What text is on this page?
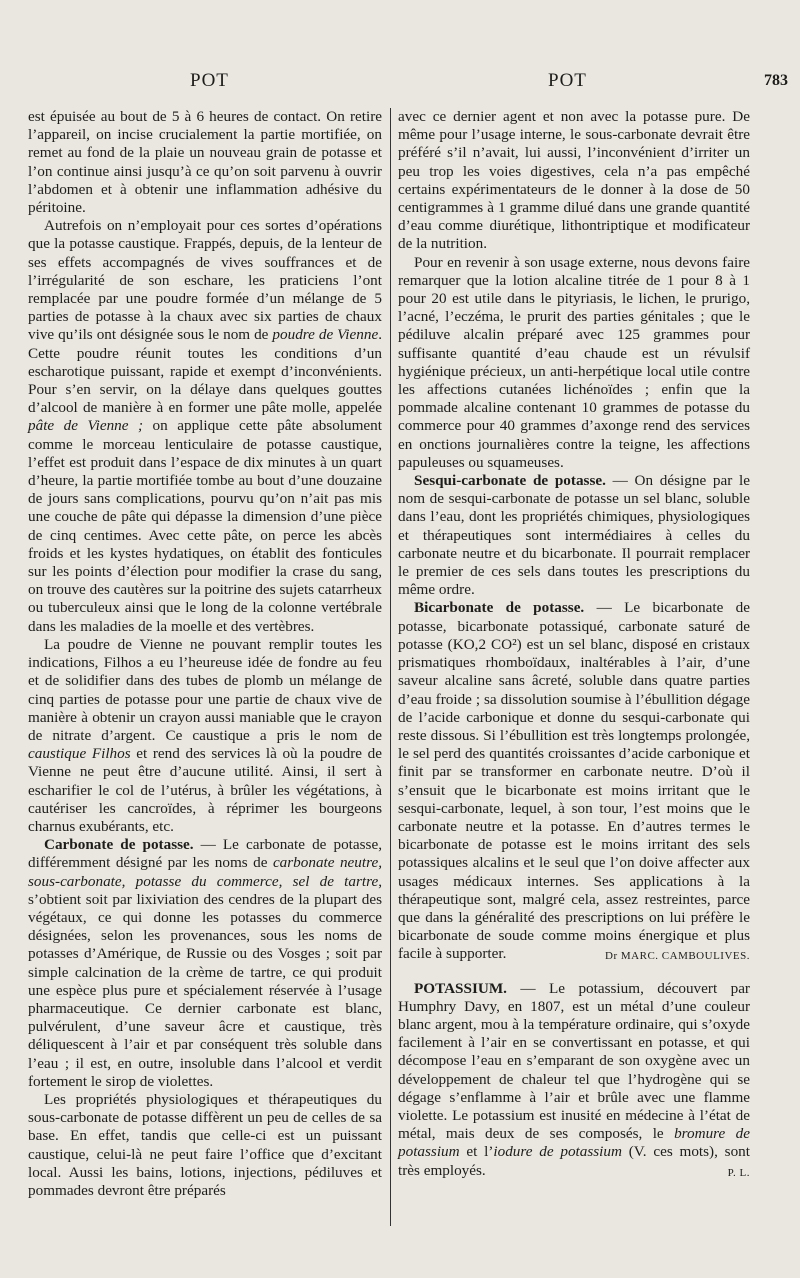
POT	POT	783

est épuisée au bout de 5 à 6 heures de contact. On retire l’appareil, on incise crucialement la partie mortifiée, on remet au fond de la plaie un nouveau grain de potasse et l’on continue ainsi jusqu’à ce qu’on soit parvenu à ouvrir l’abdomen et à obtenir une inflammation adhésive du péritoine.

Autrefois on n’employait pour ces sortes d’opérations que la potasse caustique. Frappés, depuis, de la lenteur de ses effets accompagnés de vives souffrances et de l’irrégularité de son eschare, les praticiens l’ont remplacée par une poudre formée d’un mélange de 5 parties de potasse à la chaux avec six parties de chaux vive qu’ils ont désignée sous le nom de poudre de Vienne. Cette poudre réunit toutes les conditions d’un escharotique puissant, rapide et exempt d’inconvénients. Pour s’en servir, on la délaye dans quelques gouttes d’alcool de manière à en former une pâte molle, appelée pâte de Vienne ; on applique cette pâte absolument comme le morceau lenticulaire de potasse caustique, l’effet est produit dans l’espace de dix minutes à un quart d’heure, la partie mortifiée tombe au bout d’une douzaine de jours sans complications, pourvu qu’on n’ait pas mis une couche de pâte qui dépasse la dimension d’une pièce de cinq centimes. Avec cette pâte, on perce les abcès froids et les kystes hydatiques, on établit des fonticules sur les points d’élection pour modifier la crase du sang, on trouve des cautères sur la poitrine des sujets catarrheux ou tuberculeux ainsi que le long de la colonne vertébrale dans les maladies de la moelle et des vertèbres.

La poudre de Vienne ne pouvant remplir toutes les indications, Filhos a eu l’heureuse idée de fondre au feu et de solidifier dans des tubes de plomb un mélange de cinq parties de potasse pour une partie de chaux vive de manière à obtenir un crayon aussi maniable que le crayon de nitrate d’argent. Ce caustique a pris le nom de caustique Filhos et rend des services là où la poudre de Vienne ne peut être d’aucune utilité. Ainsi, il sert à escharifier le col de l’utérus, à brûler les végétations, à cautériser les cancroïdes, à réprimer les bourgeons charnus exubérants, etc.

Carbonate de potasse. — Le carbonate de potasse, différemment désigné par les noms de carbonate neutre, sous-carbonate, potasse du commerce, sel de tartre, s’obtient soit par lixiviation des cendres de la plupart des végétaux, ce qui donne les potasses du commerce désignées, selon les provenances, sous les noms de potasses d’Amérique, de Russie ou des Vosges ; soit par simple calcination de la crème de tartre, ce qui produit une espèce plus pure et spécialement réservée à l’usage pharmaceutique. Ce dernier carbonate est blanc, pulvérulent, d’une saveur âcre et caustique, très déliquescent à l’air et par conséquent très soluble dans l’eau ; il est, en outre, insoluble dans l’alcool et verdit fortement le sirop de violettes.

Les propriétés physiologiques et thérapeutiques du sous-carbonate de potasse diffèrent un peu de celles de sa base. En effet, tandis que celle-ci est un puissant caustique, celui-là ne peut faire l’office que d’excitant local. Aussi les bains, lotions, injections, pédiluves et pommades devront être préparés

avec ce dernier agent et non avec la potasse pure. De même pour l’usage interne, le sous-carbonate devrait être préféré s’il n’avait, lui aussi, l’inconvénient d’irriter un peu trop les voies digestives, cela n’a pas empêché certains expérimentateurs de le donner à la dose de 50 centigrammes à 1 gramme dilué dans une grande quantité d’eau comme diurétique, lithontriptique et modificateur de la nutrition.

Pour en revenir à son usage externe, nous devons faire remarquer que la lotion alcaline titrée de 1 pour 8 à 1 pour 20 est utile dans le pityriasis, le lichen, le prurigo, l’acné, l’eczéma, le prurit des parties génitales ; que le pédiluve alcalin préparé avec 125 grammes pour suffisante quantité d’eau chaude est un révulsif hygiénique précieux, un anti-herpétique local utile contre les affections cutanées lichénoïdes ; enfin que la pommade alcaline contenant 10 grammes de potasse du commerce pour 40 grammes d’axonge rend des services en onctions journalières contre la teigne, les affections papuleuses ou squameuses.

Sesqui-carbonate de potasse. — On désigne par le nom de sesqui-carbonate de potasse un sel blanc, soluble dans l’eau, dont les propriétés chimiques, physiologiques et thérapeutiques sont intermédiaires à celles du carbonate neutre et du bicarbonate. Il pourrait remplacer le premier de ces sels dans toutes les prescriptions du même ordre.

Bicarbonate de potasse. — Le bicarbonate de potasse, bicarbonate potassiqué, carbonate saturé de potasse (KO,2 CO²) est un sel blanc, disposé en cristaux prismatiques rhomboïdaux, inaltérables à l’air, d’une saveur alcaline sans âcreté, soluble dans quatre parties d’eau froide ; sa dissolution soumise à l’ébullition dégage de l’acide carbonique et donne du sesqui-carbonate qui reste dissous. Si l’ébullition est très longtemps prolongée, le sel perd des quantités croissantes d’acide carbonique et finit par se transformer en carbonate neutre. D’où il s’ensuit que le bicarbonate est moins irritant que le sesqui-carbonate, lequel, à son tour, l’est moins que le carbonate neutre et la potasse. En d’autres termes le bicarbonate de potasse est le moins irritant des sels potassiques alcalins et le seul que l’on doive affecter aux usages médicaux internes. Ses applications à la thérapeutique sont, malgré cela, assez restreintes, parce que dans la généralité des prescriptions on lui préfère le bicarbonate de soude comme moins énergique et plus facile à supporter.	Dr MARC. CAMBOULIVES.

POTASSIUM. — Le potassium, découvert par Humphry Davy, en 1807, est un métal d’une couleur blanc argent, mou à la température ordinaire, qui s’oxyde facilement à l’air en se convertissant en potasse, et qui décompose l’eau en s’emparant de son oxygène avec un développement de chaleur tel que l’hydrogène qui se dégage s’enflamme à l’air et brûle avec une flamme violette. Le potassium est inusité en médecine à l’état de métal, mais deux de ses composés, le bromure de potassium et l’iodure de potassium (V. ces mots), sont très employés.	P. L.
